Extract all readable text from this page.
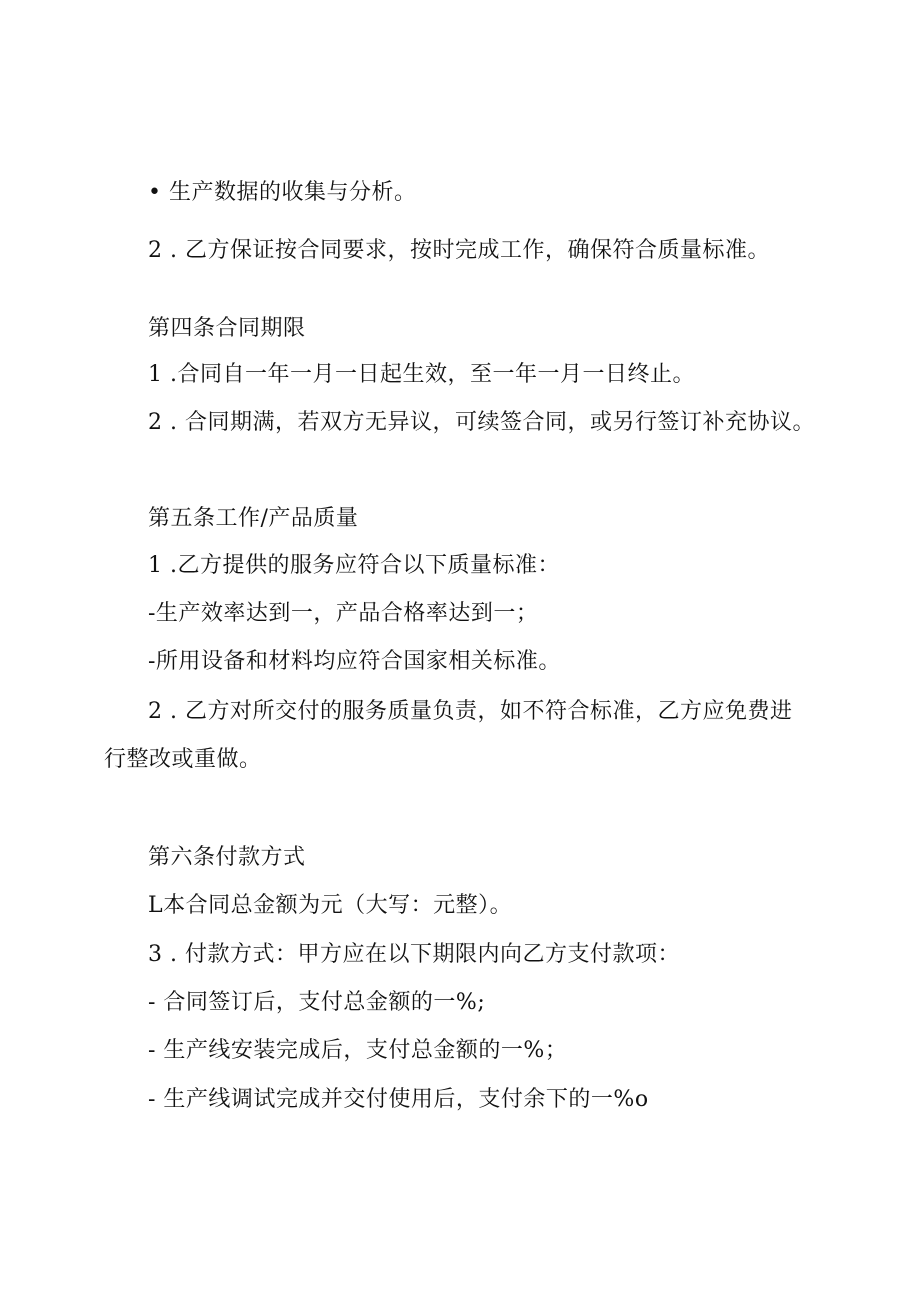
• 生产数据的收集与分析。
2 . 乙方保证按合同要求，按时完成工作，确保符合质量标准。
第四条合同期限
1 .合同自一年一月一日起生效，至一年一月一日终止。
2 . 合同期满，若双方无异议，可续签合同，或另行签订补充协议。
第五条工作/产品质量
1 .乙方提供的服务应符合以下质量标准：
-生产效率达到一，产品合格率达到一；
-所用设备和材料均应符合国家相关标准。
2 . 乙方对所交付的服务质量负责，如不符合标准，乙方应免费进
行整改或重做。
第六条付款方式
L本合同总金额为元（大写：元整）。
3 . 付款方式：甲方应在以下期限内向乙方支付款项：
- 合同签订后，支付总金额的一%;
- 生产线安装完成后，支付总金额的一%；
- 生产线调试完成并交付使用后，支付余下的一%o
